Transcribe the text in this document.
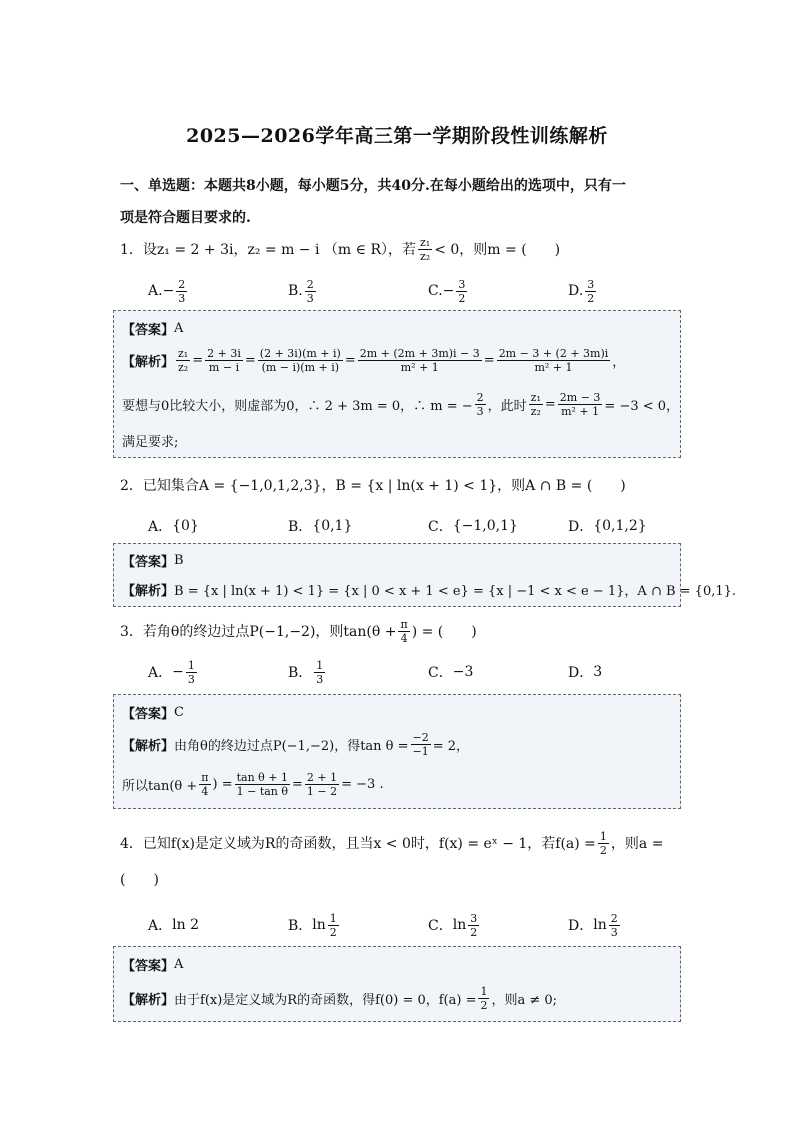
2025—2026学年高三第一学期阶段性训练解析
一、单选题：本题共8小题，每小题5分，共40分.在每小题给出的选项中，只有一
项是符合题目要求的.
1． 设z₁ = 2 + 3i，z₂ = m − i （m ∈ R），若 $\frac{\text{z₁}}{\text{z₂}} < 0$，则m = (　　)
A. − $\frac{2}{3}$	B. $\frac{2}{3}$	C. − $\frac{3}{2}$	D. $\frac{3}{2}$
【答案】 A
【解析】 $\frac{\text{z₁}}{\text{z₂}} = \frac{2 + 3i}{m - i} = \frac{(2 + 3i)(m + i)}{(m - i)(m + i)} = \frac{2m + (2m + 3m)i - 3}{\text{m² + 1}} = \frac{2m - 3 + (2 + 3m)i}{\text{m² + 1}}$ ，
要想与0比较大小，则虚部为0，∴ 2 + 3m = 0，∴ m = − $\frac{2}{3}$ ，此时 $\frac{\text{z₁}}{\text{z₂}} = \frac{2m - 3}{\text{m² + 1}} = -3 < 0$，
满足要求;
2．已知集合A = {−1,0,1,2,3}，B = {x | ln(x + 1) < 1}，则A ∩ B = (　　)
A． {0}	B． {0,1}	C． {−1,0,1}	D． {0,1,2}
【答案】 B
【解析】 B = {x | ln(x + 1) < 1} = {x | 0 < x + 1 < e} = {x | −1 < x < e − 1}，A ∩ B = {0,1}.
3． 若角θ的终边过点P(−1,−2)，则$\tan(\theta + \frac{\pi}{4}$ ) = (　　)
A． − $\frac{1}{3}$	B． $\frac{1}{3}$	C． −3	D． 3
【答案】 C
【解析】 由角θ的终边过点P(−1,−2)，得$\tan \theta = \frac{-2}{-1} = 2$，
所以$\tan(\theta + \frac{\pi}{4}$ ) = $\frac{\text{tan θ + 1}}{\text{1 − tan θ}} = \frac{2 + 1}{1 - 2} = -3$ .
4． 已知f(x)是定义域为R的奇函数，且当x < 0时，f(x) = eˣ − 1，若$f(a) = \frac{1}{2}$ ，则a =
(　　)
A． ln 2	B． $\ln \frac{1}{2}$	C． $\ln \frac{3}{2}$	D． $\ln \frac{2}{3}$
【答案】 A
【解析】 由于f(x)是定义域为R的奇函数，得f(0) = 0，$f(a) = \frac{1}{2}$ ，则a ≠ 0;
